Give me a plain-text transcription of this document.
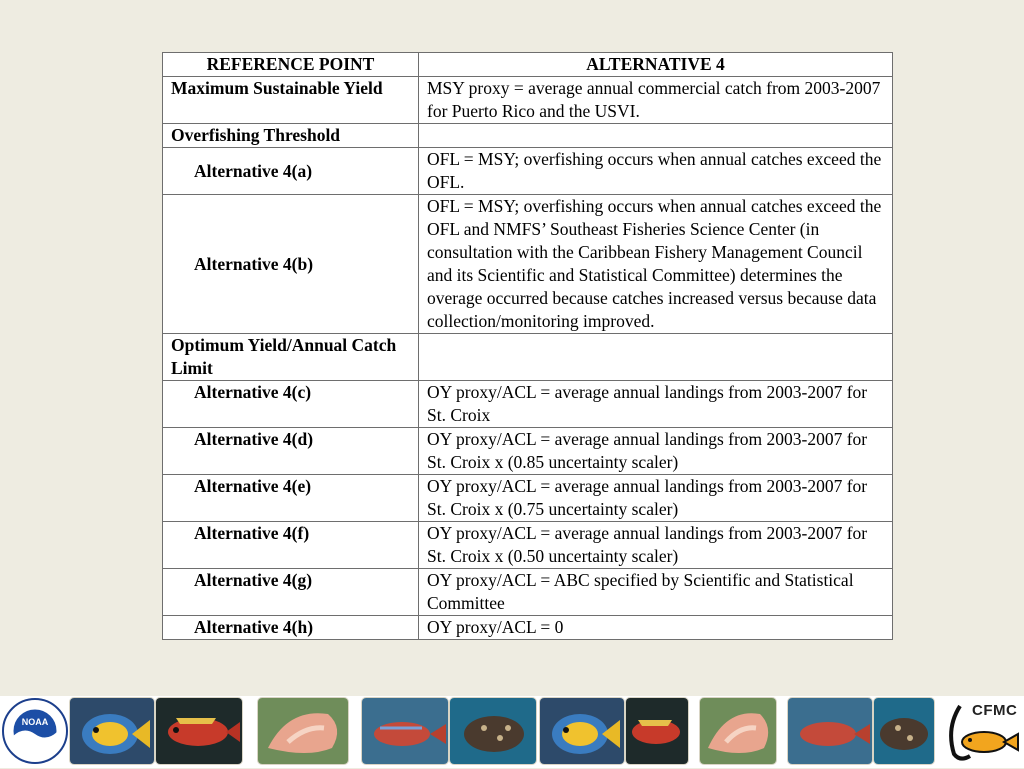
REFERENCE POINT	ALTERNATIVE 4
Maximum Sustainable Yield	MSY proxy = average annual commercial catch from 2003-2007 for Puerto Rico and the USVI.
Overfishing Threshold	
Alternative 4(a)	OFL = MSY; overfishing occurs when annual catches exceed the OFL.
Alternative 4(b)	OFL = MSY; overfishing occurs when annual catches exceed the OFL and NMFS’ Southeast Fisheries Science Center (in consultation with the Caribbean Fishery Management Council and its Scientific and Statistical Committee) determines the overage occurred because catches increased versus because data collection/monitoring improved.
Optimum Yield/Annual Catch Limit	
Alternative 4(c)	OY proxy/ACL = average annual landings from 2003-2007 for St. Croix
Alternative 4(d)	OY proxy/ACL = average annual landings from 2003-2007 for St. Croix x (0.85 uncertainty scaler)
Alternative 4(e)	OY proxy/ACL = average annual landings from 2003-2007 for St. Croix x (0.75 uncertainty scaler)
Alternative 4(f)	OY proxy/ACL = average annual landings from 2003-2007 for St. Croix x (0.50 uncertainty scaler)
Alternative 4(g)	OY proxy/ACL = ABC specified by Scientific and Statistical Committee
Alternative 4(h)	OY proxy/ACL = 0
NOAA
CFMC
